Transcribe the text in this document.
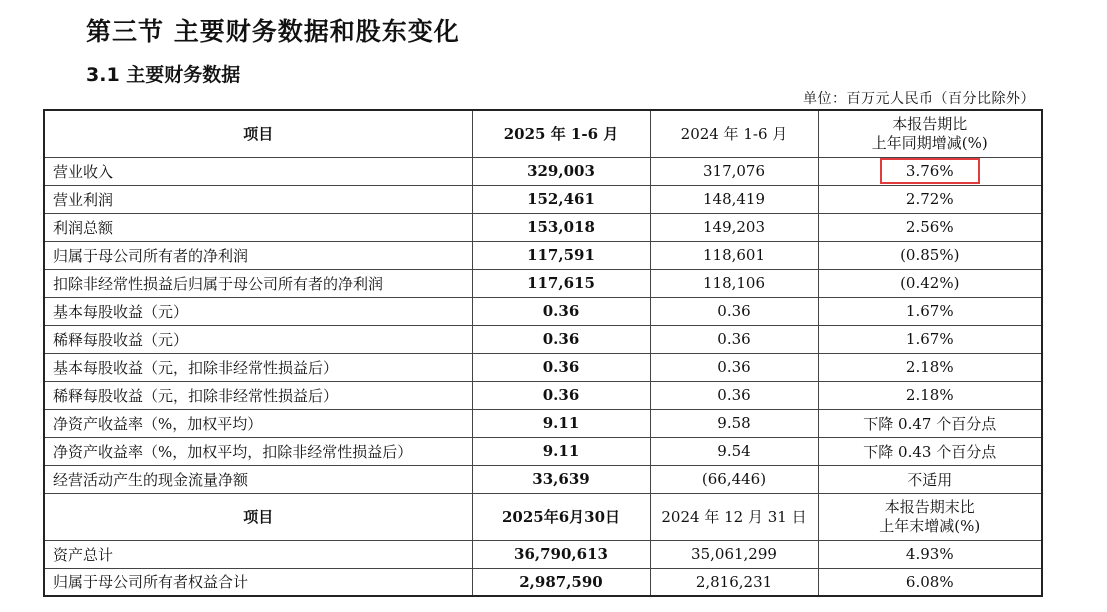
第三节 主要财务数据和股东变化
3.1 主要财务数据
单位：百万元人民币（百分比除外）
项目	2025 年 1-6 月	2024 年 1-6 月	本报告期比
上年同期增减(%)

营业收入	329,003	317,076	3.76%
营业利润	152,461	148,419	2.72%
利润总额	153,018	149,203	2.56%
归属于母公司所有者的净利润	117,591	118,601	(0.85%)
扣除非经常性损益后归属于母公司所有者的净利润	117,615	118,106	(0.42%)
基本每股收益（元）	0.36	0.36	1.67%
稀释每股收益（元）	0.36	0.36	1.67%
基本每股收益（元，扣除非经常性损益后）	0.36	0.36	2.18%
稀释每股收益（元，扣除非经常性损益后）	0.36	0.36	2.18%
净资产收益率（%，加权平均）	9.11	9.58	下降 0.47 个百分点
净资产收益率（%，加权平均，扣除非经常性损益后）	9.11	9.54	下降 0.43 个百分点
经营活动产生的现金流量净额	33,639	(66,446)	不适用
项目	2025年6月30日	2024 年 12 月 31 日	本报告期末比
上年末增减(%)

资产总计	36,790,613	35,061,299	4.93%
归属于母公司所有者权益合计	2,987,590	2,816,231	6.08%
